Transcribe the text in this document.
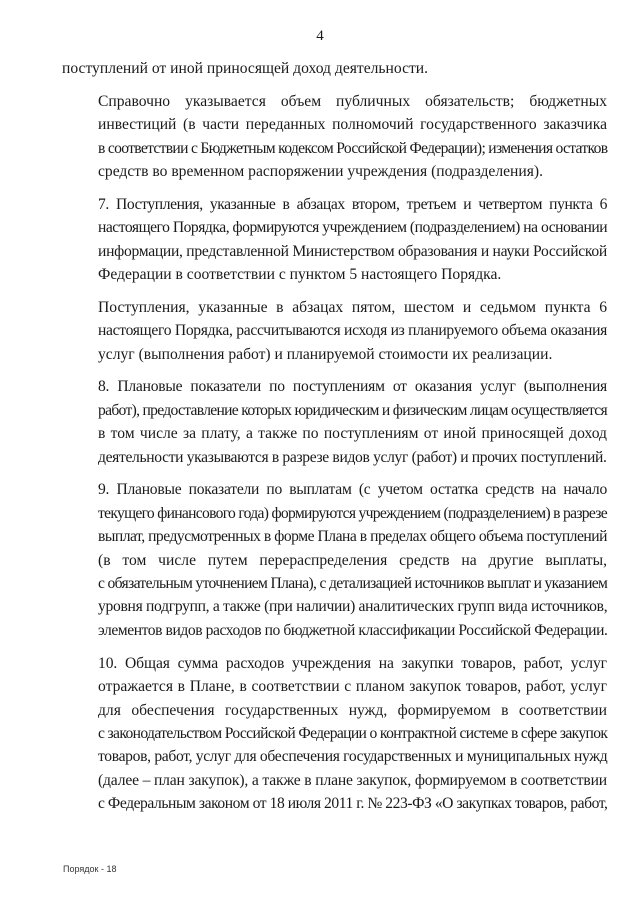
4

поступлений от иной приносящей доход деятельности.

Справочно указывается объем публичных обязательств; бюджетных
инвестиций (в части переданных полномочий государственного заказчика
в соответствии с Бюджетным кодексом Российской Федерации); изменения остатков
средств во временном распоряжении учреждения (подразделения).

7. Поступления, указанные в абзацах втором, третьем и четвертом пункта 6
настоящего Порядка, формируются учреждением (подразделением) на основании
информации, представленной Министерством образования и науки Российской
Федерации в соответствии с пунктом 5 настоящего Порядка.

Поступления, указанные в абзацах пятом, шестом и седьмом пункта 6
настоящего Порядка, рассчитываются исходя из планируемого объема оказания
услуг (выполнения работ) и планируемой стоимости их реализации.

8. Плановые показатели по поступлениям от оказания услуг (выполнения
работ), предоставление которых юридическим и физическим лицам осуществляется
в том числе за плату, а также по поступлениям от иной приносящей доход
деятельности указываются в разрезе видов услуг (работ) и прочих поступлений.

9. Плановые показатели по выплатам (с учетом остатка средств на начало
текущего финансового года) формируются учреждением (подразделением) в разрезе
выплат, предусмотренных в форме Плана в пределах общего объема поступлений
(в том числе путем перераспределения средств на другие выплаты,
с обязательным уточнением Плана), с детализацией источников выплат и указанием
уровня подгрупп, а также (при наличии) аналитических групп вида источников,
элементов видов расходов по бюджетной классификации Российской Федерации.

10. Общая сумма расходов учреждения на закупки товаров, работ, услуг
отражается в Плане, в соответствии с планом закупок товаров, работ, услуг
для обеспечения государственных нужд, формируемом в соответствии
с законодательством Российской Федерации о контрактной системе в сфере закупок
товаров, работ, услуг для обеспечения государственных и муниципальных нужд
(далее – план закупок), а также в плане закупок, формируемом в соответствии
с Федеральным законом от 18 июля 2011 г. № 223-ФЗ «О закупках товаров, работ,

Порядок - 18
